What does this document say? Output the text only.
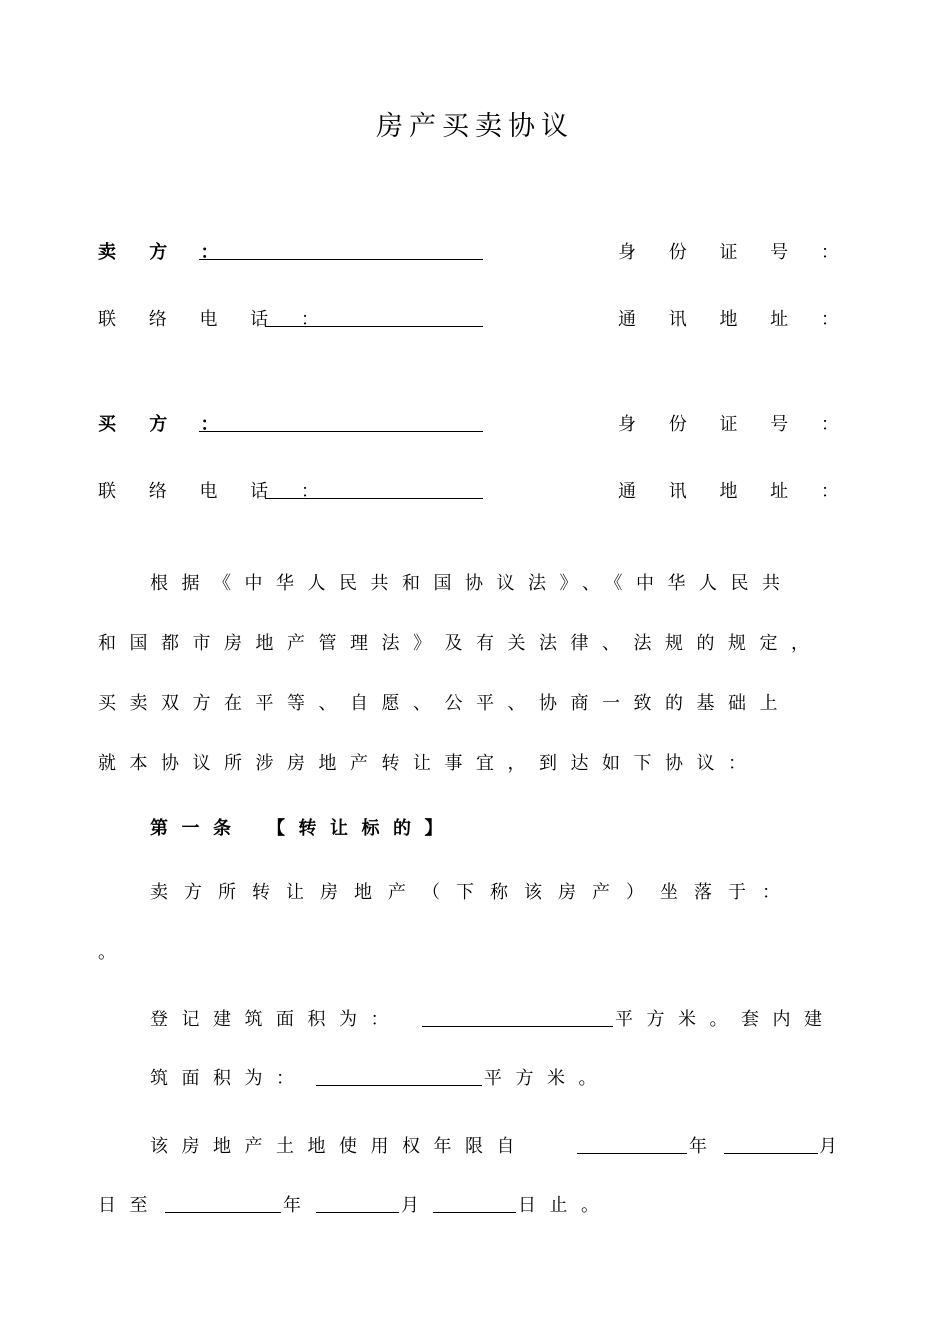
房产买卖协议
卖 方 ：	身 份 证 号 ：
联 络 电 话 ：	通 讯 地 址 ：
买 方 ：	身 份 证 号 ：
联 络 电 话 ：	通 讯 地 址 ：
根据《中华人民共和国协议法》、《中华人民共
和国都市房地产管理法》及有关法律、法规的规定，
买卖双方在平等、自愿、公平、协商一致的基础上
就本协议所涉房地产转让事宜，到达如下协议：
第一条　【转让标的】
卖方所转让房地产（下称该房产）坐落于：
。
登记建筑面积为：	平方米。套内建
筑面积为：	平方米。
该房地产土地使用权年限自	年	月
日至	年	月	日止。
